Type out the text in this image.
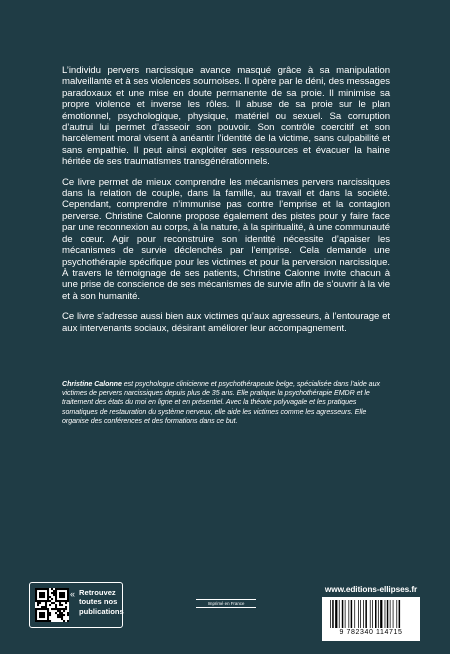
L’individu pervers narcissique avance masqué grâce à sa manipulation malveillante et à ses violences sournoises. Il opère par le déni, des messages paradoxaux et une mise en doute permanente de sa proie. Il minimise sa propre violence et inverse les rôles. Il abuse de sa proie sur le plan émotionnel, psychologique, physique, matériel ou sexuel. Sa corruption d’autrui lui permet d’asseoir son pouvoir. Son contrôle coercitif et son harcèlement moral visent à anéantir l’identité de la victime, sans culpabilité et sans empathie. Il peut ainsi exploiter ses ressources et évacuer la haine héritée de ses traumatismes transgénérationnels.

Ce livre permet de mieux comprendre les mécanismes pervers narcissiques dans la relation de couple, dans la famille, au travail et dans la société. Cependant, comprendre n’immunise pas contre l’emprise et la contagion perverse. Christine Calonne propose également des pistes pour y faire face par une reconnexion au corps, à la nature, à la spiritualité, à une communauté de cœur. Agir pour reconstruire son identité nécessite d’apaiser les mécanismes de survie déclenchés par l’emprise. Cela demande une psychothérapie spécifique pour les victimes et pour la perversion narcissique. À travers le témoignage de ses patients, Christine Calonne invite chacun à une prise de conscience de ses mécanismes de survie afin de s’ouvrir à la vie et à son humanité.

Ce livre s’adresse aussi bien aux victimes qu’aux agresseurs, à l’entourage et aux intervenants sociaux, désirant améliorer leur accompagnement.

Christine Calonne est psychologue clinicienne et psychothérapeute belge, spécialisée dans l’aide aux victimes de pervers narcissiques depuis plus de 35 ans. Elle pratique la psychothérapie EMDR et le traitement des états du moi en ligne et en présentiel. Avec la théorie polyvagale et les pratiques somatiques de restauration du système nerveux, elle aide les victimes comme les agresseurs. Elle organise des conférences et des formations dans ce but.
« Retrouvez
toutes nos
publications
Imprimé en France
www.editions-ellipses.fr
9 782340 114715
